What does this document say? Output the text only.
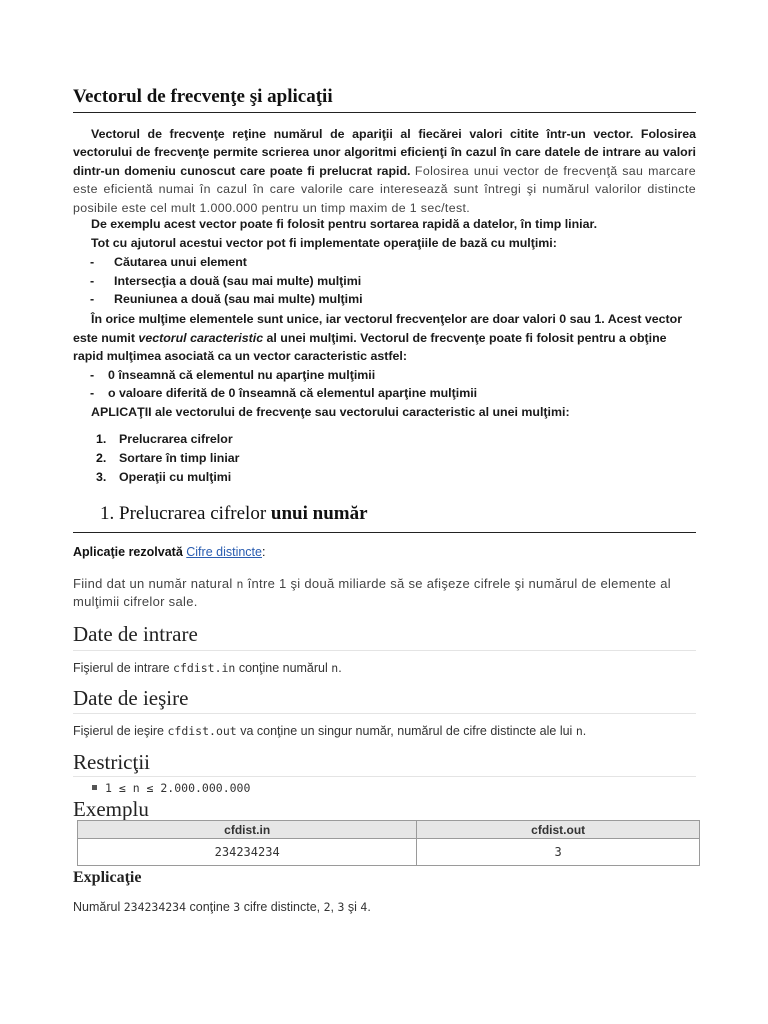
Vectorul de frecvenţe şi aplicaţii
Vectorul de frecvenţe reţine numărul de apariţii al fiecărei valori citite într-un vector. Folosirea vectorului de frecvenţe permite scrierea unor algoritmi eficienţi în cazul în care datele de intrare au valori dintr-un domeniu cunoscut care poate fi prelucrat rapid. Folosirea unui vector de frecvenţă sau marcare este eficientă numai în cazul în care valorile care interesează sunt întregi şi numărul valorilor distincte posibile este cel mult 1.000.000 pentru un timp maxim de 1 sec/test.
De exemplu acest vector poate fi folosit pentru sortarea rapidă a datelor, în timp liniar.
Tot cu ajutorul acestui vector pot fi implementate operaţiile de bază cu mulţimi:
- Căutarea unui element
- Intersecţia a două (sau mai multe) mulţimi
- Reuniunea a două (sau mai multe) mulţimi
În orice mulţime elementele sunt unice, iar vectorul frecvenţelor are doar valori 0 sau 1. Acest vector
este numit vectorul caracteristic al unei mulţimi. Vectorul de frecvenţe poate fi folosit pentru a obţine
rapid mulţimea asociată ca un vector caracteristic astfel:
- 0 înseamnă că elementul nu aparţine mulţimii
- o valoare diferită de 0 înseamnă că elementul aparţine mulţimii
APLICAŢII ale vectorului de frecvenţe sau vectorului caracteristic al unei mulţimi:
1. Prelucrarea cifrelor
2. Sortare în timp liniar
3. Operaţii cu mulţimi
1. Prelucrarea cifrelor unui număr
Aplicaţie rezolvată Cifre distincte:
Fiind dat un număr natural n între 1 şi două miliarde să se afişeze cifrele şi numărul de elemente al mulţimii cifrelor sale.
Date de intrare
Fişierul de intrare cfdist.in conţine numărul n.
Date de ieşire
Fişierul de ieşire cfdist.out va conţine un singur număr, numărul de cifre distincte ale lui n.
Restricţii
1 ≤ n ≤ 2.000.000.000
Exemplu
cfdist.in	cfdist.out
234234234	3
Explicaţie
Numărul 234234234 conţine 3 cifre distincte, 2, 3 şi 4.
